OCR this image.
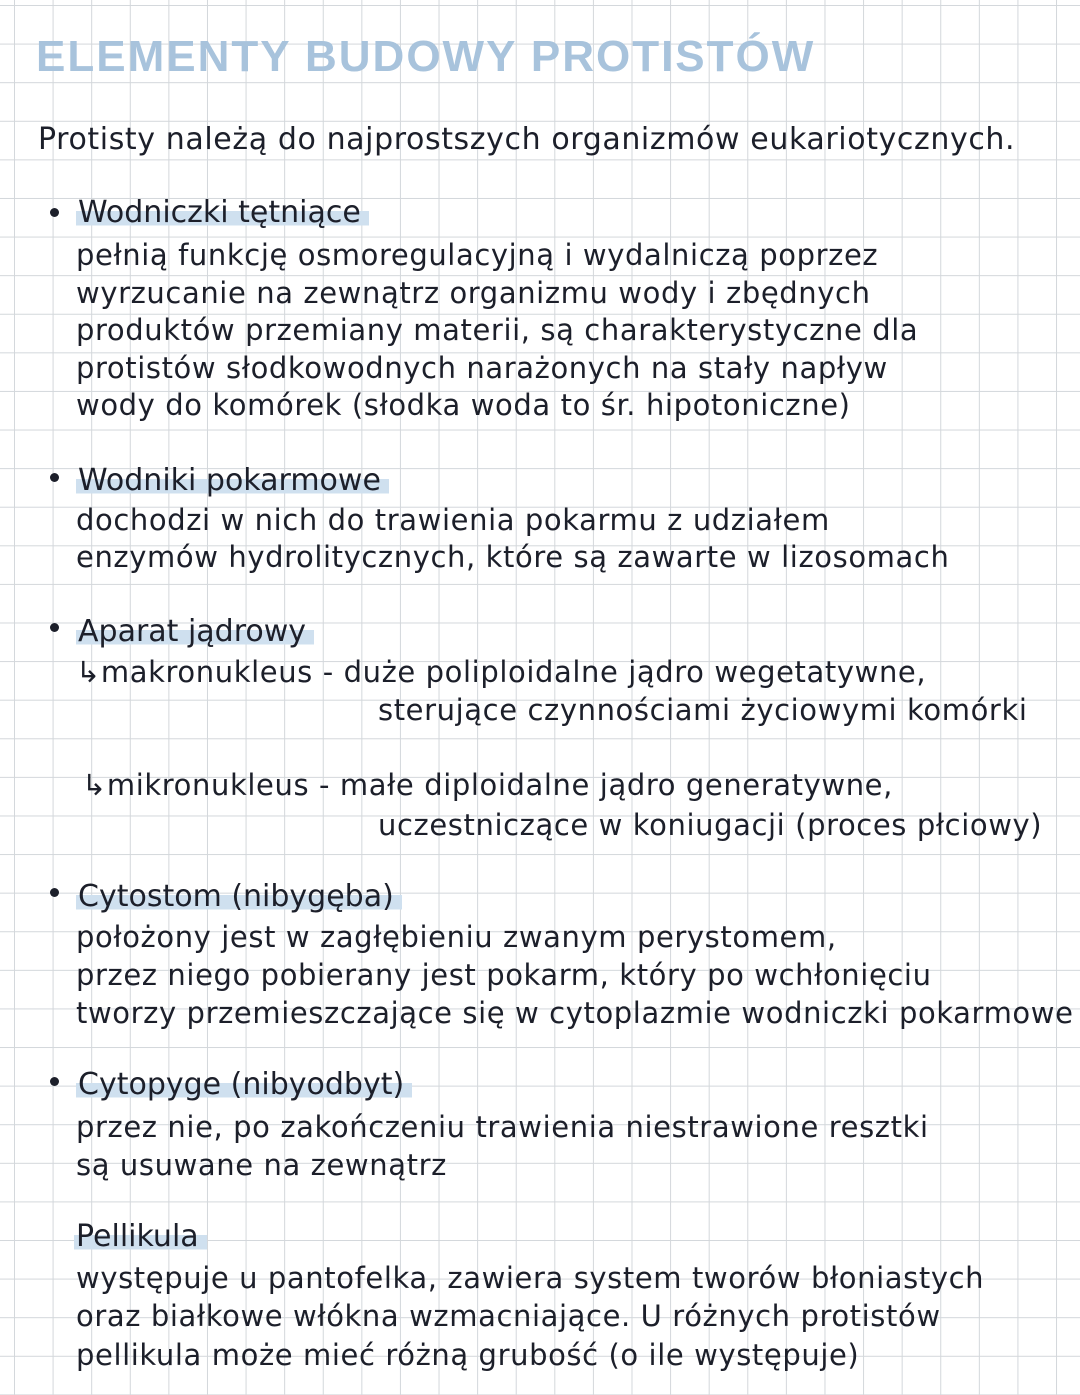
ELEMENTY BUDOWY PROTISTÓW
Protisty należą do najprostszych organizmów eukariotycznych.
Wodniczki tętniące
pełnią funkcję osmoregulacyjną i wydalniczą poprzez
wyrzucanie na zewnątrz organizmu wody i zbędnych
produktów przemiany materii, są charakterystyczne dla
protistów słodkowodnych narażonych na stały napływ
wody do komórek (słodka woda to śr. hipotoniczne)
Wodniki pokarmowe
dochodzi w nich do trawienia pokarmu z udziałem
enzymów hydrolitycznych, które są zawarte w lizosomach
Aparat jądrowy
↳makronukleus - duże poliploidalne jądro wegetatywne,
sterujące czynnościami życiowymi komórki
↳mikronukleus - małe diploidalne jądro generatywne,
uczestniczące w koniugacji (proces płciowy)
Cytostom (nibygęba)
położony jest w zagłębieniu zwanym perystomem,
przez niego pobierany jest pokarm, który po wchłonięciu
tworzy przemieszczające się w cytoplazmie wodniczki pokarmowe
Cytopyge (nibyodbyt)
przez nie, po zakończeniu trawienia niestrawione resztki
są usuwane na zewnątrz
Pellikula
występuje u pantofelka, zawiera system tworów błoniastych
oraz białkowe włókna wzmacniające. U różnych protistów
pellikula może mieć różną grubość (o ile występuje)
